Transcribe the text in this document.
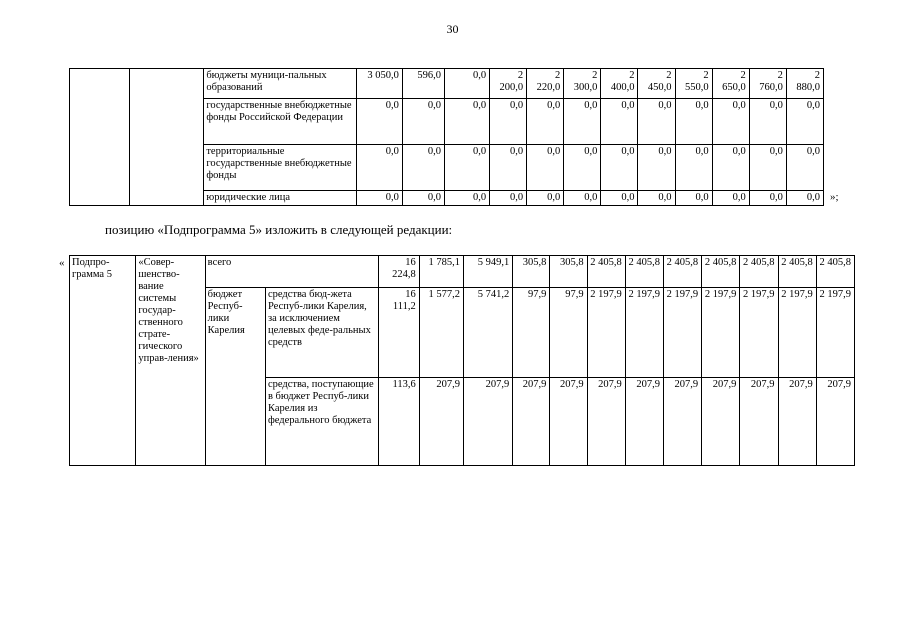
30
		бюджеты муници-пальных образований	3 050,0	596,0	0,0	2 200,0	2 220,0	2 300,0	2 400,0	2 450,0	2 550,0	2 650,0	2 760,0	2 880,0
		государственные внебюджетные фонды Российской Федерации	0,0	0,0	0,0	0,0	0,0	0,0	0,0	0,0	0,0	0,0	0,0	0,0
		территориальные государственные внебюджетные фонды	0,0	0,0	0,0	0,0	0,0	0,0	0,0	0,0	0,0	0,0	0,0	0,0
		юридические лица	0,0	0,0	0,0	0,0	0,0	0,0	0,0	0,0	0,0	0,0	0,0	0,0 »;
позицию «Подпрограмма 5» изложить в следующей редакции:
« Подпро-грамма 5	«Совер-шенство-вание системы государ-ственного страте-гического управ-ления»	всего		16 224,8	1 785,1	5 949,1	305,8	305,8	2 405,8	2 405,8	2 405,8	2 405,8	2 405,8	2 405,8	2 405,8
		бюджет Респуб-лики Карелия	средства бюд-жета Респуб-лики Карелия, за исключением целевых феде-ральных средств	16 111,2	1 577,2	5 741,2	97,9	97,9	2 197,9	2 197,9	2 197,9	2 197,9	2 197,9	2 197,9	2 197,9
			средства, поступающие в бюджет Респуб-лики Карелия из федерального бюджета	113,6	207,9	207,9	207,9	207,9	207,9	207,9	207,9	207,9	207,9	207,9	207,9
